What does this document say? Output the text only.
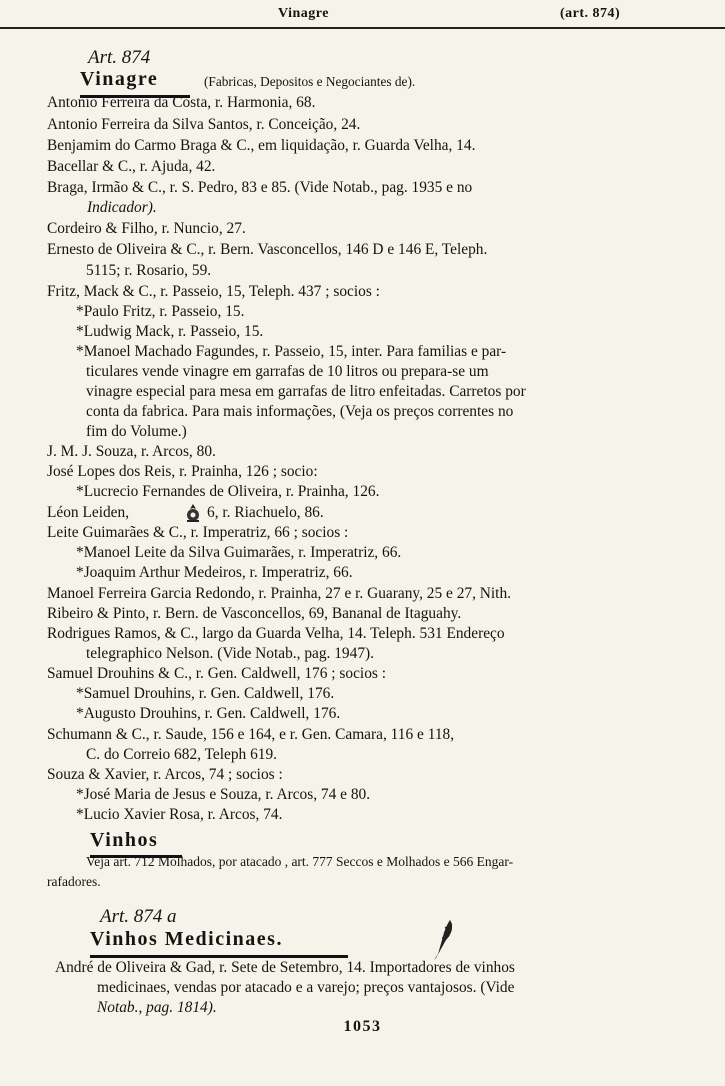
Vinagre	(art. 874)
Art. 874
Vinagre	(Fabricas, Depositos e Negociantes de).
Antonio Ferreira da Costa, r. Harmonia, 68.
Antonio Ferreira da Silva Santos, r. Conceição, 24.
Benjamim do Carmo Braga & C., em liquidação, r. Guarda Velha, 14.
Bacellar & C., r. Ajuda, 42.
Braga, Irmão & C., r. S. Pedro, 83 e 85. (Vide Notab., pag. 1935 e no
Indicador).
Cordeiro & Filho, r. Nuncio, 27.
Ernesto de Oliveira & C., r. Bern. Vasconcellos, 146 D e 146 E, Teleph.
5115; r. Rosario, 59.
Fritz, Mack & C., r. Passeio, 15, Teleph. 437 ; socios :
*Paulo Fritz, r. Passeio, 15.
*Ludwig Mack, r. Passeio, 15.
*Manoel Machado Fagundes, r. Passeio, 15, inter. Para familias e par-
ticulares vende vinagre em garrafas de 10 litros ou prepara-se um
vinagre especial para mesa em garrafas de litro enfeitadas. Carretos por
conta da fabrica. Para mais informações, (Veja os preços correntes no
fim do Volume.)
J. M. J. Souza, r. Arcos, 80.
José Lopes dos Reis, r. Prainha, 126 ; socio:
*Lucrecio Fernandes de Oliveira, r. Prainha, 126.
Léon Leiden,	6, r. Riachuelo, 86.
Leite Guimarães & C., r. Imperatriz, 66 ; socios :
*Manoel Leite da Silva Guimarães, r. Imperatriz, 66.
*Joaquim Arthur Medeiros, r. Imperatriz, 66.
Manoel Ferreira Garcia Redondo, r. Prainha, 27 e r. Guarany, 25 e 27, Nith.
Ribeiro & Pinto, r. Bern. de Vasconcellos, 69, Bananal de Itaguahy.
Rodrigues Ramos, & C., largo da Guarda Velha, 14. Teleph. 531 Endereço
telegraphico Nelson. (Vide Notab., pag. 1947).
Samuel Drouhins & C., r. Gen. Caldwell, 176 ; socios :
*Samuel Drouhins, r. Gen. Caldwell, 176.
*Augusto Drouhins, r. Gen. Caldwell, 176.
Schumann & C., r. Saude, 156 e 164, e r. Gen. Camara, 116 e 118,
C. do Correio 682, Teleph 619.
Souza & Xavier, r. Arcos, 74 ; socios :
*José Maria de Jesus e Souza, r. Arcos, 74 e 80.
*Lucio Xavier Rosa, r. Arcos, 74.
Vinhos
Veja art. 712 Molhados, por atacado , art. 777 Seccos e Molhados e 566 Engar-
rafadores.
Art. 874 a
Vinhos Medicinaes.
André de Oliveira & Gad, r. Sete de Setembro, 14. Importadores de vinhos
medicinaes, vendas por atacado e a varejo; preços vantajosos. (Vide
Notab., pag. 1814).
1053
